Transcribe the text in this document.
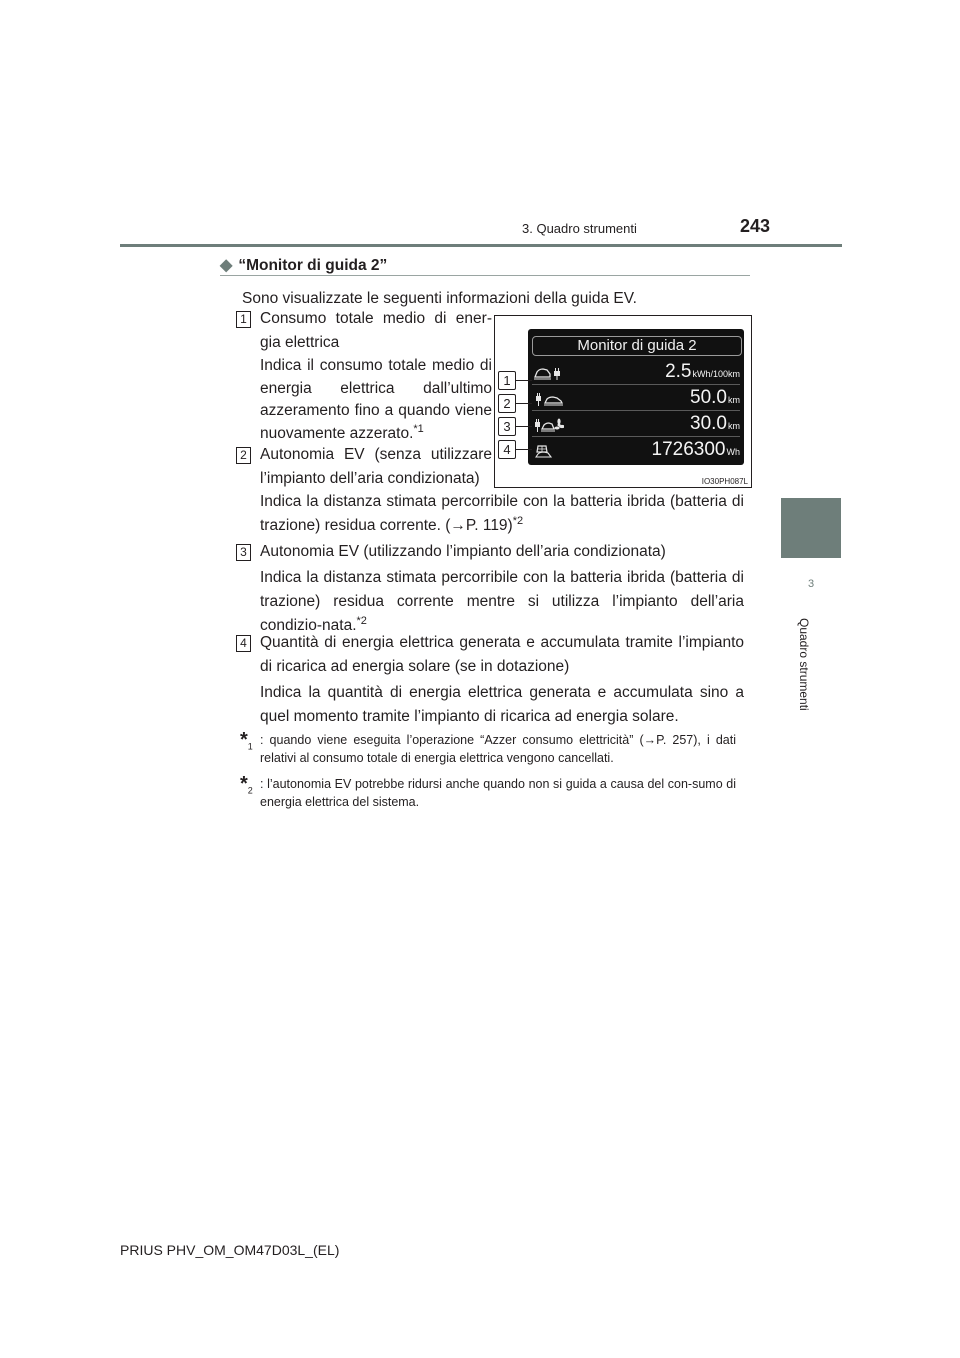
3. Quadro strumenti	243
3
Quadro strumenti
◆ “Monitor di guida 2”
Sono visualizzate le seguenti informazioni della guida EV.
1 Consumo totale medio di ener-gia elettrica
Indica il consumo totale medio di energia elettrica dall’ultimo azzeramento fino a quando viene nuovamente azzerato.$^{*1}$
2 Autonomia EV (senza utilizzare l’impianto dell’aria condizionata)
Indica la distanza stimata percorribile con la batteria ibrida (batteria di trazione) residua corrente. (→P. 119)$^{*2}$
3 Autonomia EV (utilizzando l’impianto dell’aria condizionata)
Indica la distanza stimata percorribile con la batteria ibrida (batteria di trazione) residua corrente mentre si utilizza l’impianto dell’aria condizio-nata.$^{*2}$
4 Quantità di energia elettrica generata e accumulata tramite l’impianto di ricarica ad energia solare (se in dotazione)
Indica la quantità di energia elettrica generata e accumulata sino a quel momento tramite l’impianto di ricarica ad energia solare.
$*_1$ : quando viene eseguita l’operazione “Azzer consumo elettricità” (→P. 257), i dati relativi al consumo totale di energia elettrica vengono cancellati.
$*_2$ : l’autonomia EV potrebbe ridursi anche quando non si guida a causa del con-sumo di energia elettrica del sistema.
Monitor di guida 2
2.5kWh/100km
50.0km
30.0km
1726300Wh
1
2
3
4
IO30PH087L
PRIUS PHV_OM_OM47D03L_(EL)
